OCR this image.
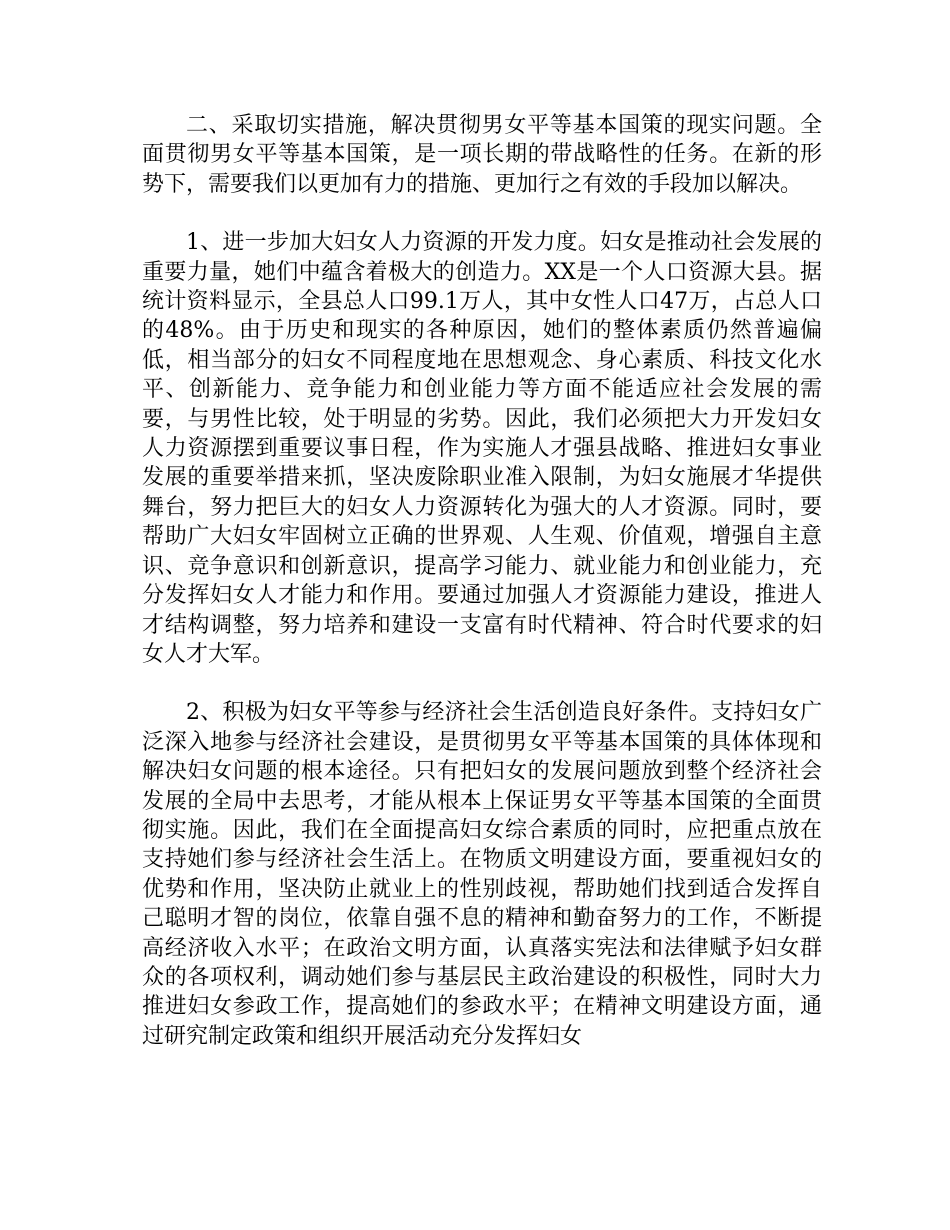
二、采取切实措施，解决贯彻男女平等基本国策的现实问题。全面贯彻男女平等基本国策，是一项长期的带战略性的任务。在新的形势下，需要我们以更加有力的措施、更加行之有效的手段加以解决。

1、进一步加大妇女人力资源的开发力度。妇女是推动社会发展的重要力量，她们中蕴含着极大的创造力。XX是一个人口资源大县。据统计资料显示，全县总人口99.1万人，其中女性人口47万，占总人口的48%。由于历史和现实的各种原因，她们的整体素质仍然普遍偏低，相当部分的妇女不同程度地在思想观念、身心素质、科技文化水平、创新能力、竞争能力和创业能力等方面不能适应社会发展的需要，与男性比较，处于明显的劣势。因此，我们必须把大力开发妇女人力资源摆到重要议事日程，作为实施人才强县战略、推进妇女事业发展的重要举措来抓，坚决废除职业准入限制，为妇女施展才华提供舞台，努力把巨大的妇女人力资源转化为强大的人才资源。同时，要帮助广大妇女牢固树立正确的世界观、人生观、价值观，增强自主意识、竞争意识和创新意识，提高学习能力、就业能力和创业能力，充分发挥妇女人才能力和作用。要通过加强人才资源能力建设，推进人才结构调整，努力培养和建设一支富有时代精神、符合时代要求的妇女人才大军。

2、积极为妇女平等参与经济社会生活创造良好条件。支持妇女广泛深入地参与经济社会建设，是贯彻男女平等基本国策的具体体现和解决妇女问题的根本途径。只有把妇女的发展问题放到整个经济社会发展的全局中去思考，才能从根本上保证男女平等基本国策的全面贯彻实施。因此，我们在全面提高妇女综合素质的同时，应把重点放在支持她们参与经济社会生活上。在物质文明建设方面，要重视妇女的优势和作用，坚决防止就业上的性别歧视，帮助她们找到适合发挥自己聪明才智的岗位，依靠自强不息的精神和勤奋努力的工作，不断提高经济收入水平；在政治文明方面，认真落实宪法和法律赋予妇女群众的各项权利，调动她们参与基层民主政治建设的积极性，同时大力推进妇女参政工作，提高她们的参政水平；在精神文明建设方面，通过研究制定政策和组织开展活动充分发挥妇女
